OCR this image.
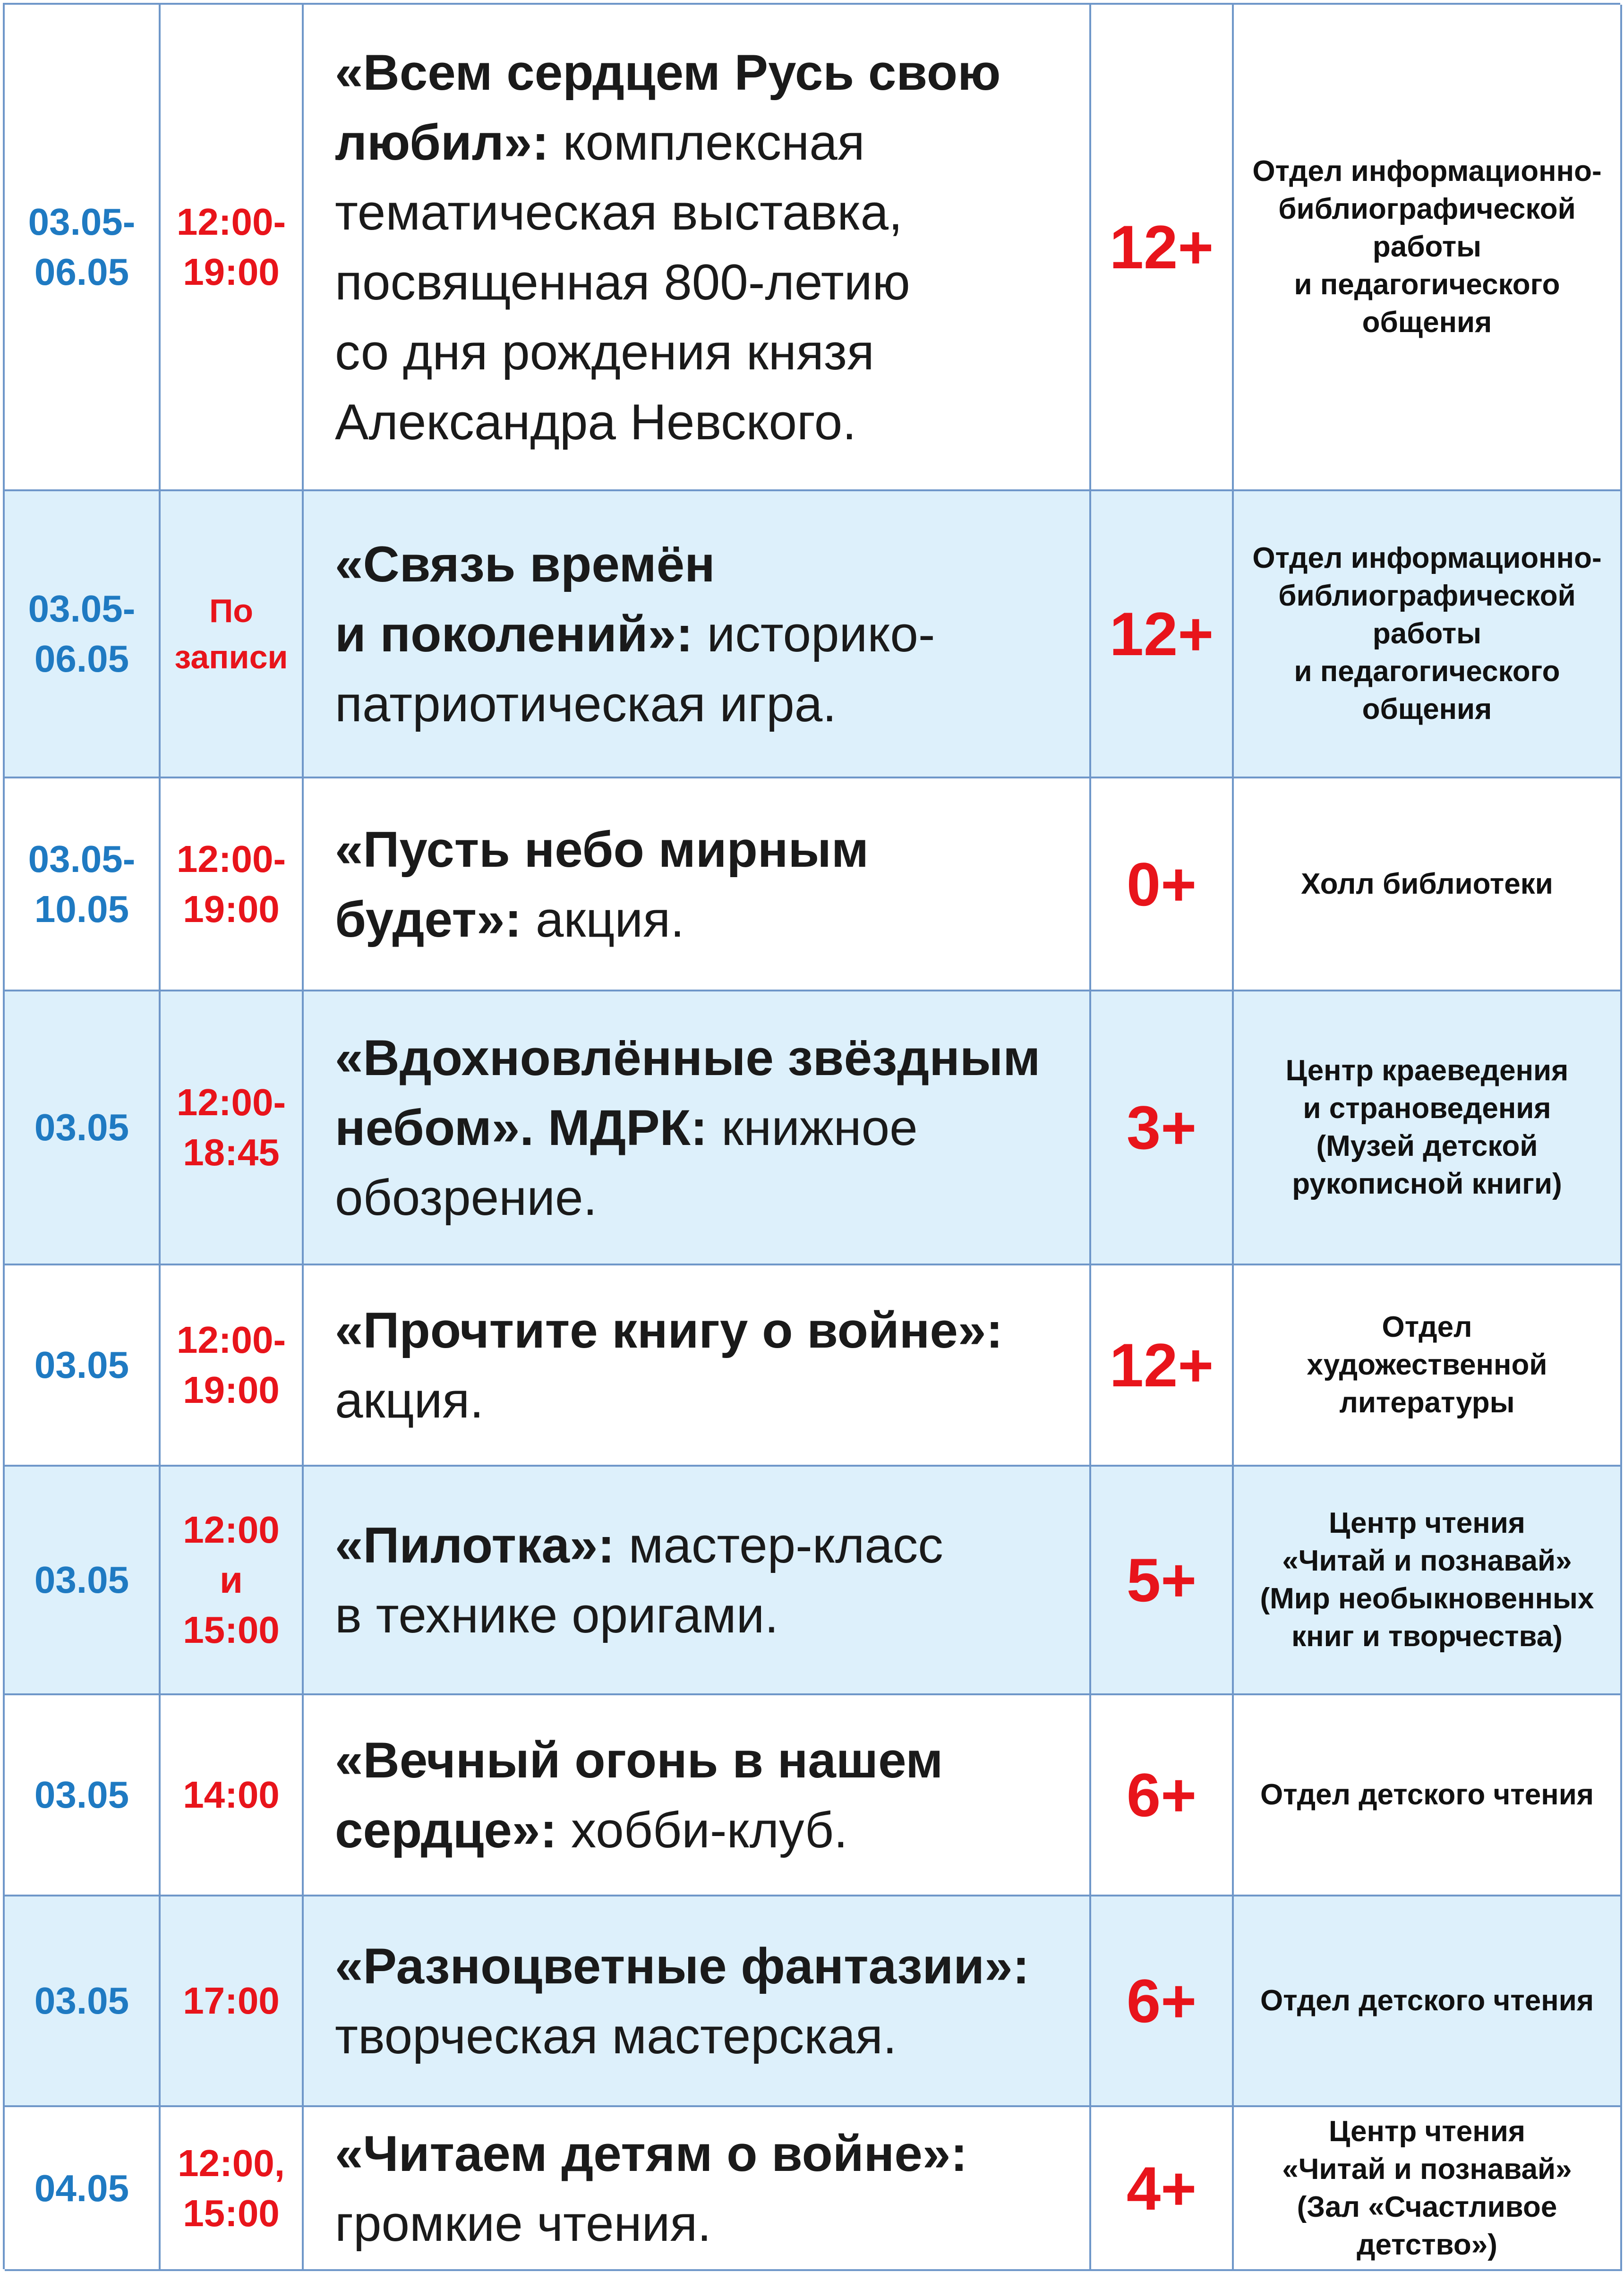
03.05-
06.05
12:00-
19:00
«Всем сердцем Русь свою
любил»: комплексная
тематическая выставка,
посвященная 800-летию
со дня рождения князя
Александра Невского.
12+
Отдел информационно-
библиографической
работы
и педагогического
общения
03.05-
06.05
По
записи
«Связь времён
и поколений»: историко-
патриотическая игра.
12+
Отдел информационно-
библиографической
работы
и педагогического
общения
03.05-
10.05
12:00-
19:00
«Пусть небо мирным
будет»: акция.
0+	Холл библиотеки
03.05
12:00-
18:45
«Вдохновлённые звёздным
небом». МДРК: книжное
обозрение.
3+
Центр краеведения
и страноведения
(Музей детской
рукописной книги)
03.05
12:00-
19:00
«Прочтите книгу о войне»:
акция.
12+
Отдел
художественной
литературы
03.05
12:00
и
15:00
«Пилотка»: мастер-класс
в технике оригами.
5+
Центр чтения
«Читай и познавай»
(Мир необыкновенных
книг и творчества)
03.05 14:00
«Вечный огонь в нашем
сердце»: хобби-клуб.
6+ Отдел детского чтения
03.05 17:00
«Разноцветные фантазии»:
творческая мастерская.
6+ Отдел детского чтения
04.05
12:00,
15:00
«Читаем детям о войне»:
громкие чтения.
4+
Центр чтения
«Читай и познавай»
(Зал «Счастливое
детство»)
